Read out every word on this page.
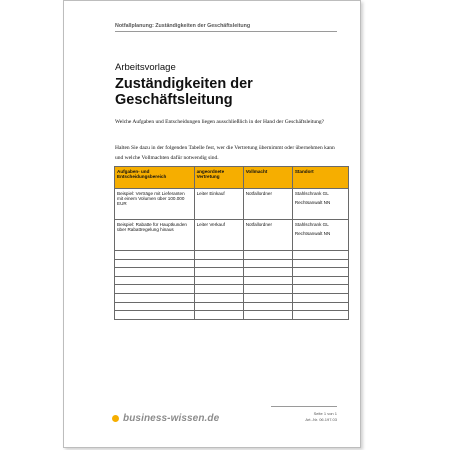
Notfallplanung: Zuständigkeiten der Geschäftsleitung
Arbeitsvorlage
Zuständigkeiten der Geschäftsleitung
Welche Aufgaben und Entscheidungen liegen ausschließlich in der Hand der Geschäftsleitung?
Halten Sie dazu in der folgenden Tabelle fest, wer die Vertretung übernimmt oder übernehmen kann und welche Vollmachten dafür notwendig sind.
Aufgaben- und Entscheidungsbereich	angeordnete Vertretung	Vollmacht	Standort
Beispiel: Verträge mit Lieferanten mit einem Volumen über 100.000 EUR	Leiter Einkauf	Notfallordner	Stahlschrank GL
Rechtsanwalt NN

Beispiel: Rabatte für Hauptkunden über Rabattregelung hinaus	Leiter Verkauf	Notfallordner	Stahlschrank GL
Rechtsanwalt NN

Seite 1 von 1
Art.-Nr. 06.197.03
business-wissen.de
